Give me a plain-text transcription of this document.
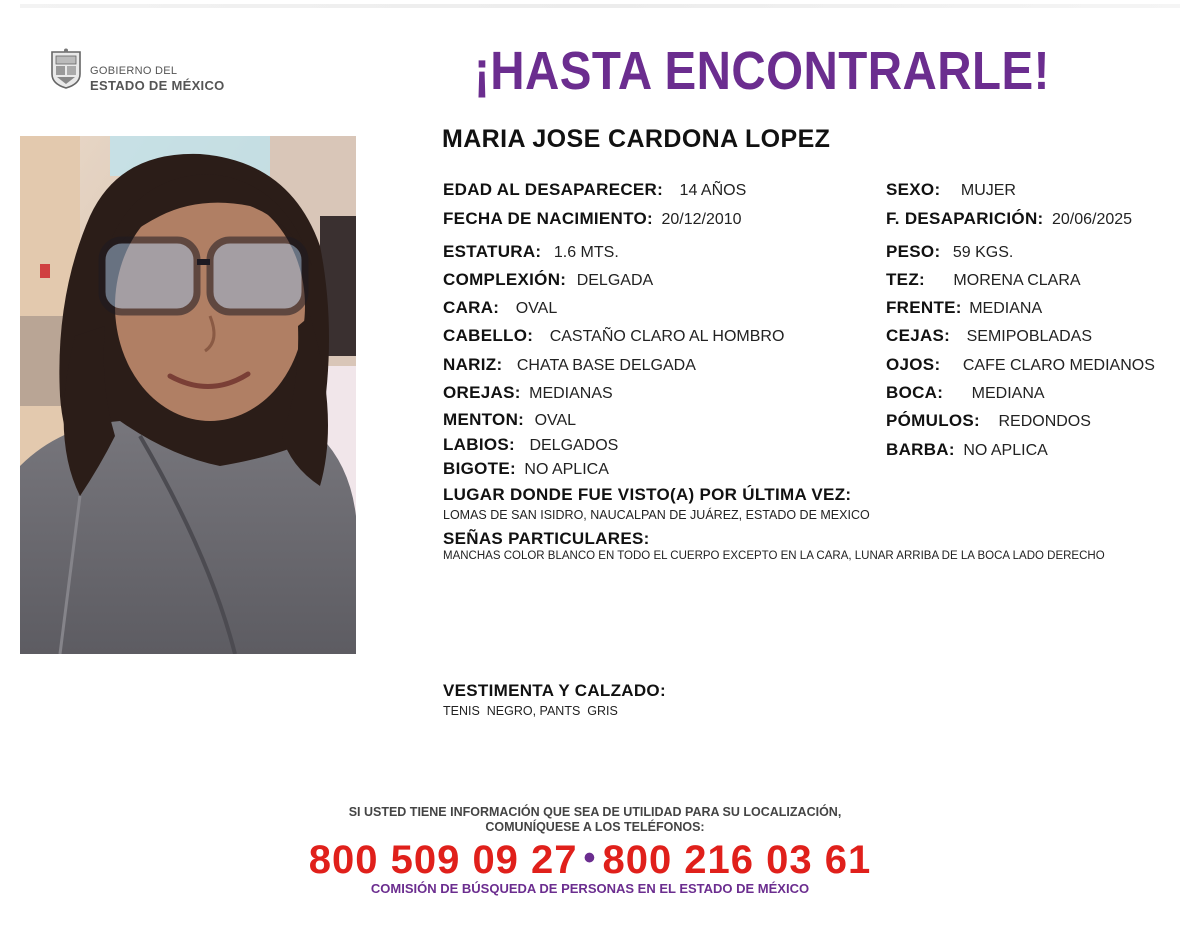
GOBIERNO DEL
ESTADO DE MÉXICO	¡HASTA ENCONTRARLE!
MARIA JOSE CARDONA LOPEZ
EDAD AL DESAPARECER: 14 AÑOS
FECHA DE NACIMIENTO: 20/12/2010
ESTATURA: 1.6 MTS.
COMPLEXIÓN: DELGADA
CARA: OVAL
CABELLO: CASTAÑO CLARO AL HOMBRO
NARIZ: CHATA BASE DELGADA
OREJAS: MEDIANAS
MENTON: OVAL
LABIOS: DELGADOS
BIGOTE: NO APLICA
SEXO: MUJER
F. DESAPARICIÓN: 20/06/2025
PESO: 59 KGS.
TEZ: MORENA CLARA
FRENTE: MEDIANA
CEJAS: SEMIPOBLADAS
OJOS: CAFE CLARO MEDIANOS
BOCA: MEDIANA
PÓMULOS: REDONDOS
BARBA: NO APLICA
LUGAR DONDE FUE VISTO(A) POR ÚLTIMA VEZ:
LOMAS DE SAN ISIDRO, NAUCALPAN DE JUÁREZ, ESTADO DE MEXICO
SEÑAS PARTICULARES:
MANCHAS COLOR BLANCO EN TODO EL CUERPO EXCEPTO EN LA CARA, LUNAR ARRIBA DE LA BOCA LADO DERECHO
VESTIMENTA Y CALZADO:
TENIS  NEGRO, PANTS  GRIS
SI USTED TIENE INFORMACIÓN QUE SEA DE UTILIDAD PARA SU LOCALIZACIÓN,
COMUNÍQUESE A LOS TELÉFONOS:
800 509 09 27 • 800 216 03 61
COMISIÓN DE BÚSQUEDA DE PERSONAS EN EL ESTADO DE MÉXICO
